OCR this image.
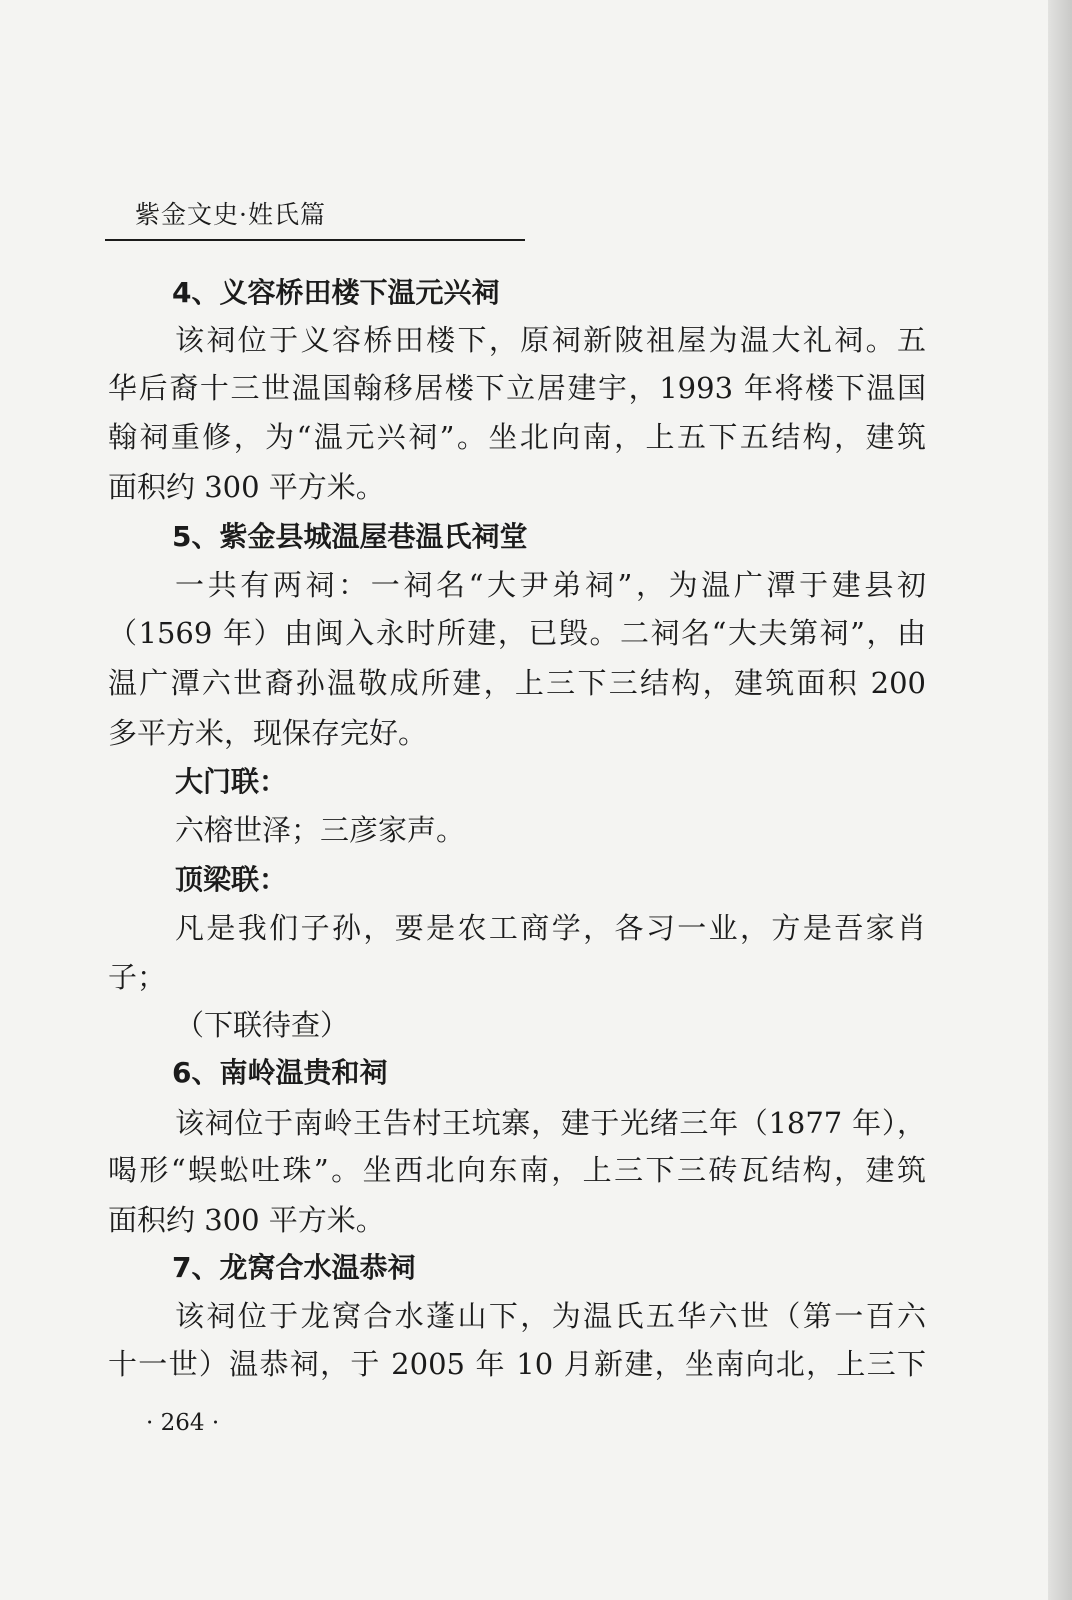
紫金文史·姓氏篇
4、义容桥田楼下温元兴祠
该祠位于义容桥田楼下，原祠新陂祖屋为温大礼祠。五
华后裔十三世温国翰移居楼下立居建宇，1993 年将楼下温国
翰祠重修，为“温元兴祠”。坐北向南，上五下五结构，建筑
面积约 300 平方米。
5、紫金县城温屋巷温氏祠堂
一共有两祠：一祠名“大尹弟祠”，为温广潭于建县初
（1569 年）由闽入永时所建，已毁。二祠名“大夫第祠”，由
温广潭六世裔孙温敬成所建，上三下三结构，建筑面积 200
多平方米，现保存完好。
大门联：
六榕世泽；三彦家声。
顶梁联：
凡是我们子孙，要是农工商学，各习一业，方是吾家肖
子；
（下联待查）
6、南岭温贵和祠
该祠位于南岭王告村王坑寨，建于光绪三年（1877 年），
喝形“蜈蚣吐珠”。坐西北向东南，上三下三砖瓦结构，建筑
面积约 300 平方米。
7、龙窝合水温恭祠
该祠位于龙窝合水蓬山下，为温氏五华六世（第一百六
十一世）温恭祠，于 2005 年 10 月新建，坐南向北，上三下
· 264 ·
